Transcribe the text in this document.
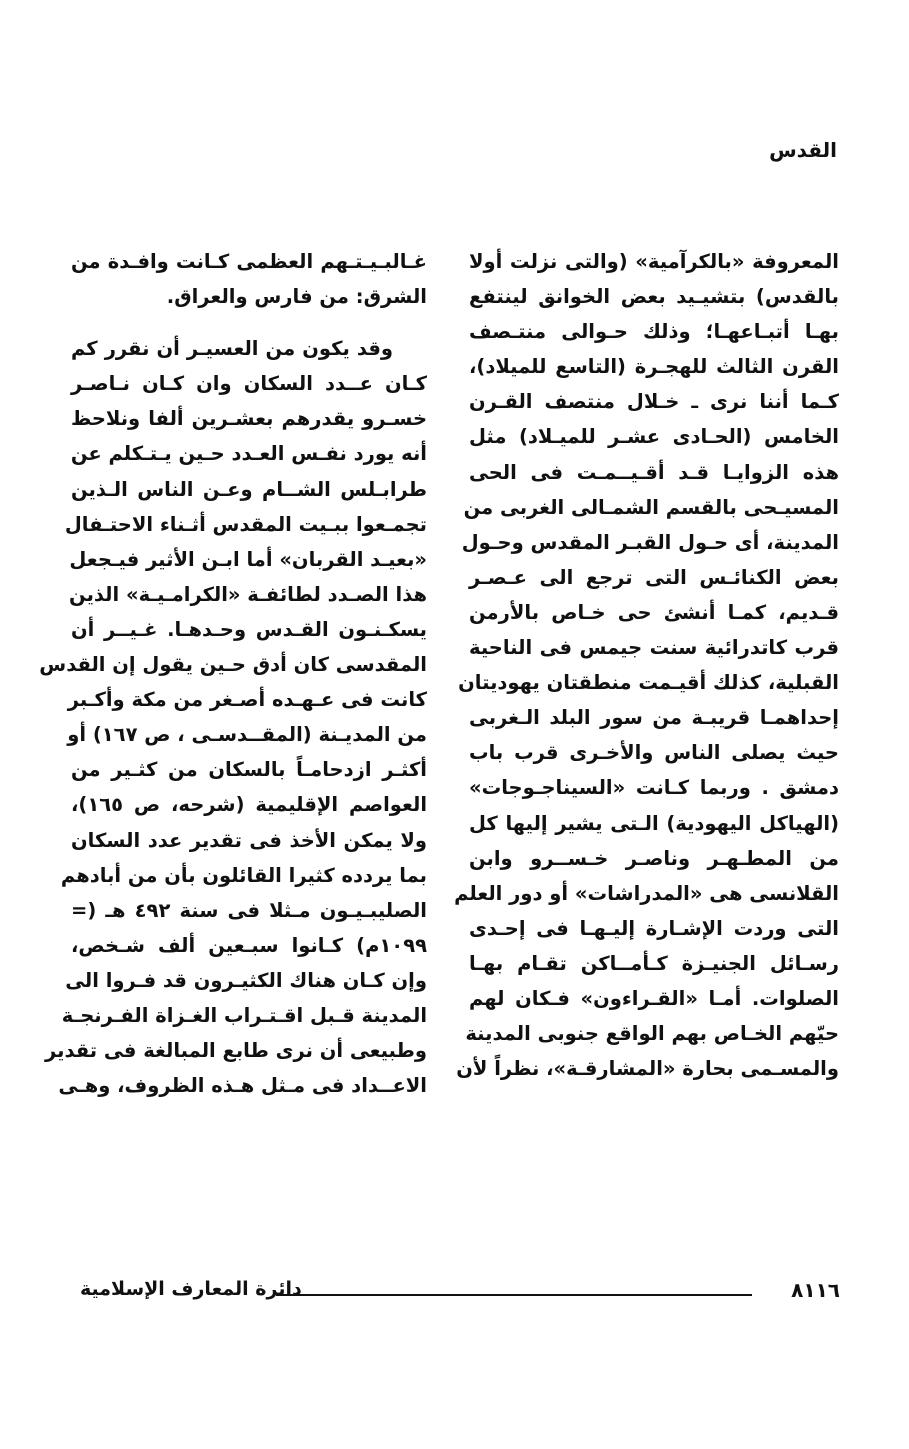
القدس
المعروفة «بالكرآمية» (والتى نزلت أولا
بالقدس) بتشيـيد بعض الخوانق لينتفع
بهـا أتبـاعهـا؛ وذلك حـوالى منتـصف
القرن الثالث للهجـرة (التاسع للميلاد)،
كـما أننا نرى ـ خـلال منتصف القـرن
الخامس (الحـادى عشـر للميـلاد) مثل
هذه الزوايـا قـد أقـيــمـت فى الحى
المسيـحى بالقسم الشمـالى الغربى من
المدينة، أى حـول القبـر المقدس وحـول
بعض الكنائـس التى ترجع الى عـصـر
قـديم، كمـا أنشئ حى خـاص بالأرمن
قرب كاتدرائية سنت جيمس فى الناحية
القبلية، كذلك أقيـمت منطقتان يهوديتان
إحداهمـا قريبـة من سور البلد الـغربى
حيث يصلى الناس والأخـرى قرب باب
دمشق . وربما كـانت «السيناجـوجات»
(الهياكل اليهودية) الـتى يشير إليها كل
من المطـهـر وناصـر خـســرو وابن
القلانسى هى «المدراشات» أو دور العلم
التى وردت الإشـارة إليـهـا فى إحـدى
رسـائل الجنيـزة كـأمــاكن تقـام بهـا
الصلوات. أمـا «القـراءون» فـكان لهم
حيّهم الخـاص بهم الواقع جنوبى المدينة
والمسـمى بحارة «المشارقـة»، نظراً لأن
غـالبـيـتـهم العظمى كـانت وافـدة من
الشرق: من فارس والعراق.
وقد يكون من العسيـر أن نقرر كم
كـان عــدد السكان وان كـان نـاصـر
خسـرو يقدرهم بعشـرين ألفا ونلاحظ
أنه يورد نفـس العـدد حـين يـتـكلم عن
طرابـلس الشــام وعـن الناس الـذين
تجمـعوا ببـيت المقدس أثـناء الاحتـفال
«بعيـد القربان» أما ابـن الأثير فيـجعل
هذا الصـدد لطائفـة «الكرامـيـة» الذين
يسكـنـون القـدس وحـدهـا. غـيــر أن
المقدسى كان أدق حـين يقول إن القدس
كانت فى عـهـده أصـغر من مكة وأكـبر
من المديـنة (المقــدسـى ، ص ١٦٧) أو
أكثـر ازدحامـاً بالسكان من كثـير من
العواصم الإقليمية (شرحه، ص ١٦٥)،
ولا يمكن الأخذ فى تقدير عدد السكان
بما يردده كثيرا القائلون بأن من أبادهم
الصليبـيـون مـثلا فى سنة ٤٩٢ هـ (=
١٠٩٩م) كـانوا سبـعين ألف شـخص،
وإن كـان هناك الكثيـرون قد فـروا الى
المدينة قـبل اقـتـراب الغـزاة الفـرنجـة
وطبيعى أن نرى طابع المبالغة فى تقدير
الاعــداد فى مـثل هـذه الظروف، وهـى
٨١١٦
دائرة المعارف الإسلامية
